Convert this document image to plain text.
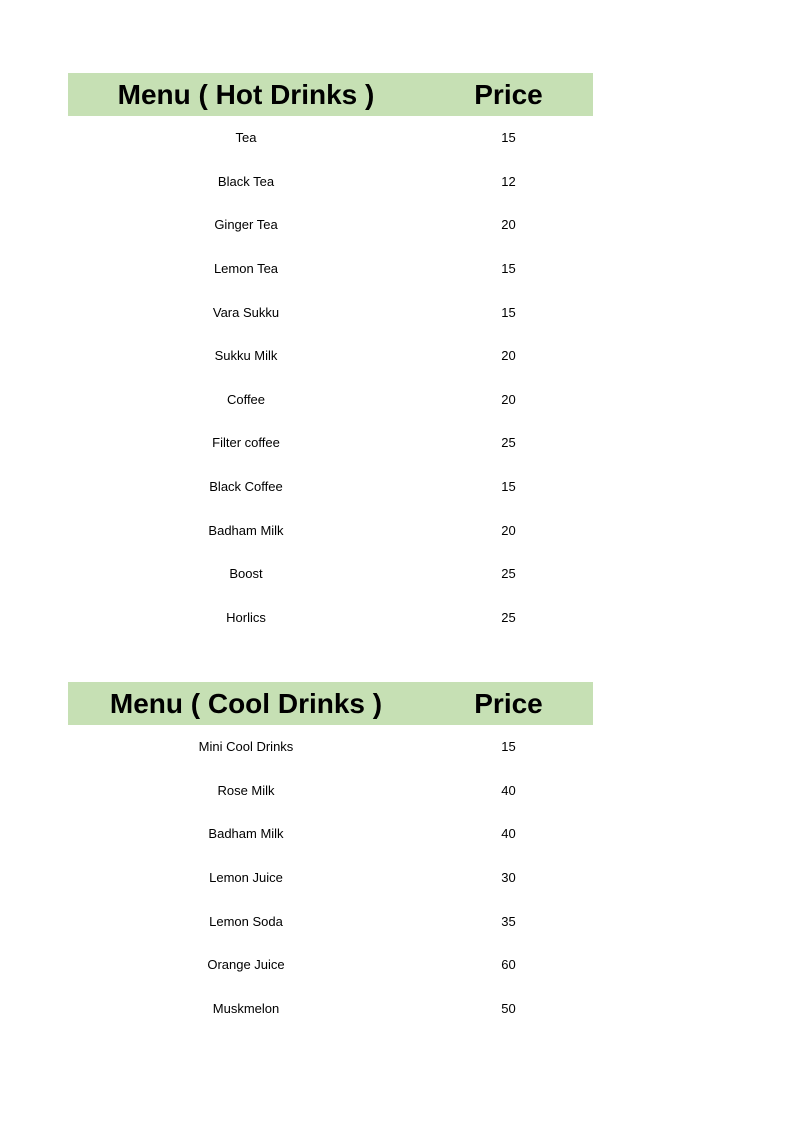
Menu ( Hot Drinks )	Price
Tea	15
Black Tea	12
Ginger Tea	20
Lemon Tea	15
Vara Sukku	15
Sukku Milk	20
Coffee	20
Filter coffee	25
Black Coffee	15
Badham Milk	20
Boost	25
Horlics	25
Menu ( Cool Drinks )	Price
Mini Cool Drinks	15
Rose Milk	40
Badham Milk	40
Lemon Juice	30
Lemon Soda	35
Orange Juice	60
Muskmelon	50
